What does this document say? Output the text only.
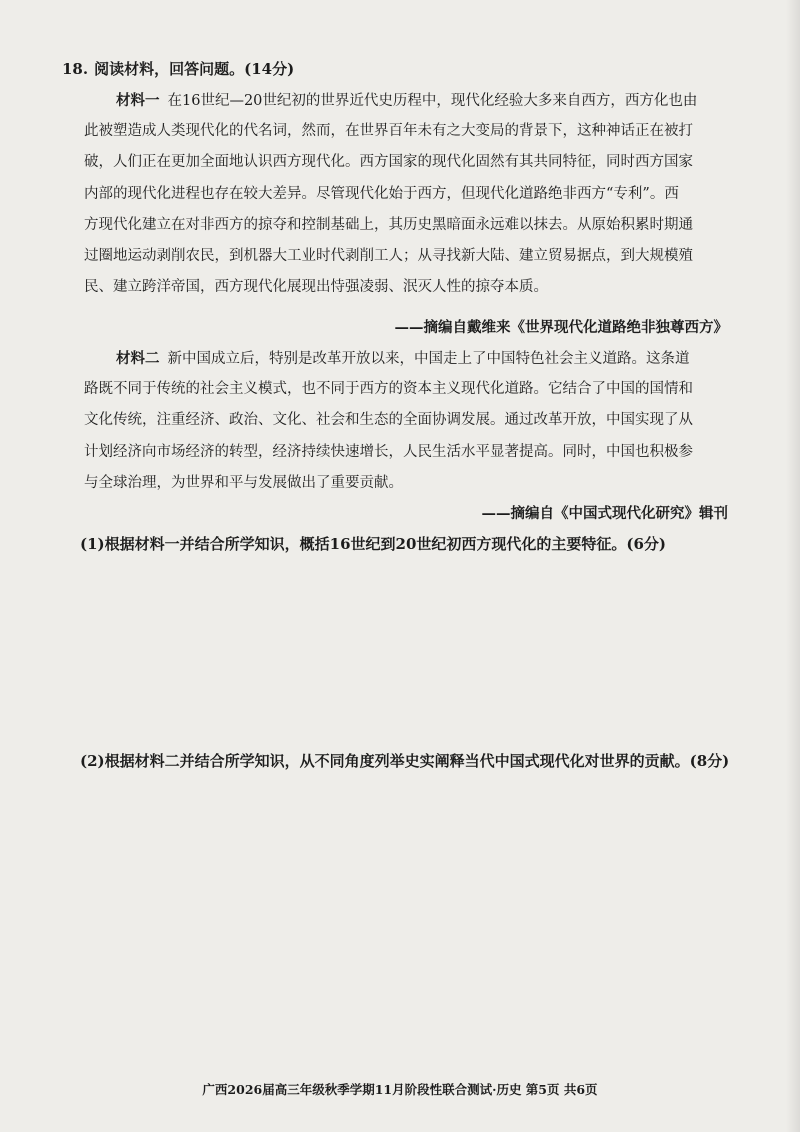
18. 阅读材料，回答问题。(14分)
材料一 在16世纪—20世纪初的世界近代史历程中，现代化经验大多来自西方，西方化也由
此被塑造成人类现代化的代名词，然而，在世界百年未有之大变局的背景下，这种神话正在被打
破，人们正在更加全面地认识西方现代化。西方国家的现代化固然有其共同特征，同时西方国家
内部的现代化进程也存在较大差异。尽管现代化始于西方，但现代化道路绝非西方“专利”。西
方现代化建立在对非西方的掠夺和控制基础上，其历史黑暗面永远难以抹去。从原始积累时期通
过圈地运动剥削农民，到机器大工业时代剥削工人；从寻找新大陆、建立贸易据点，到大规模殖
民、建立跨洋帝国，西方现代化展现出恃强凌弱、泯灭人性的掠夺本质。
——摘编自戴维来《世界现代化道路绝非独尊西方》
材料二 新中国成立后，特别是改革开放以来，中国走上了中国特色社会主义道路。这条道
路既不同于传统的社会主义模式，也不同于西方的资本主义现代化道路。它结合了中国的国情和
文化传统，注重经济、政治、文化、社会和生态的全面协调发展。通过改革开放，中国实现了从
计划经济向市场经济的转型，经济持续快速增长，人民生活水平显著提高。同时，中国也积极参
与全球治理，为世界和平与发展做出了重要贡献。
——摘编自《中国式现代化研究》辑刊
(1)根据材料一并结合所学知识，概括16世纪到20世纪初西方现代化的主要特征。(6分)
(2)根据材料二并结合所学知识，从不同角度列举史实阐释当代中国式现代化对世界的贡献。(8分)
广西2026届高三年级秋季学期11月阶段性联合测试·历史 第5页 共6页
